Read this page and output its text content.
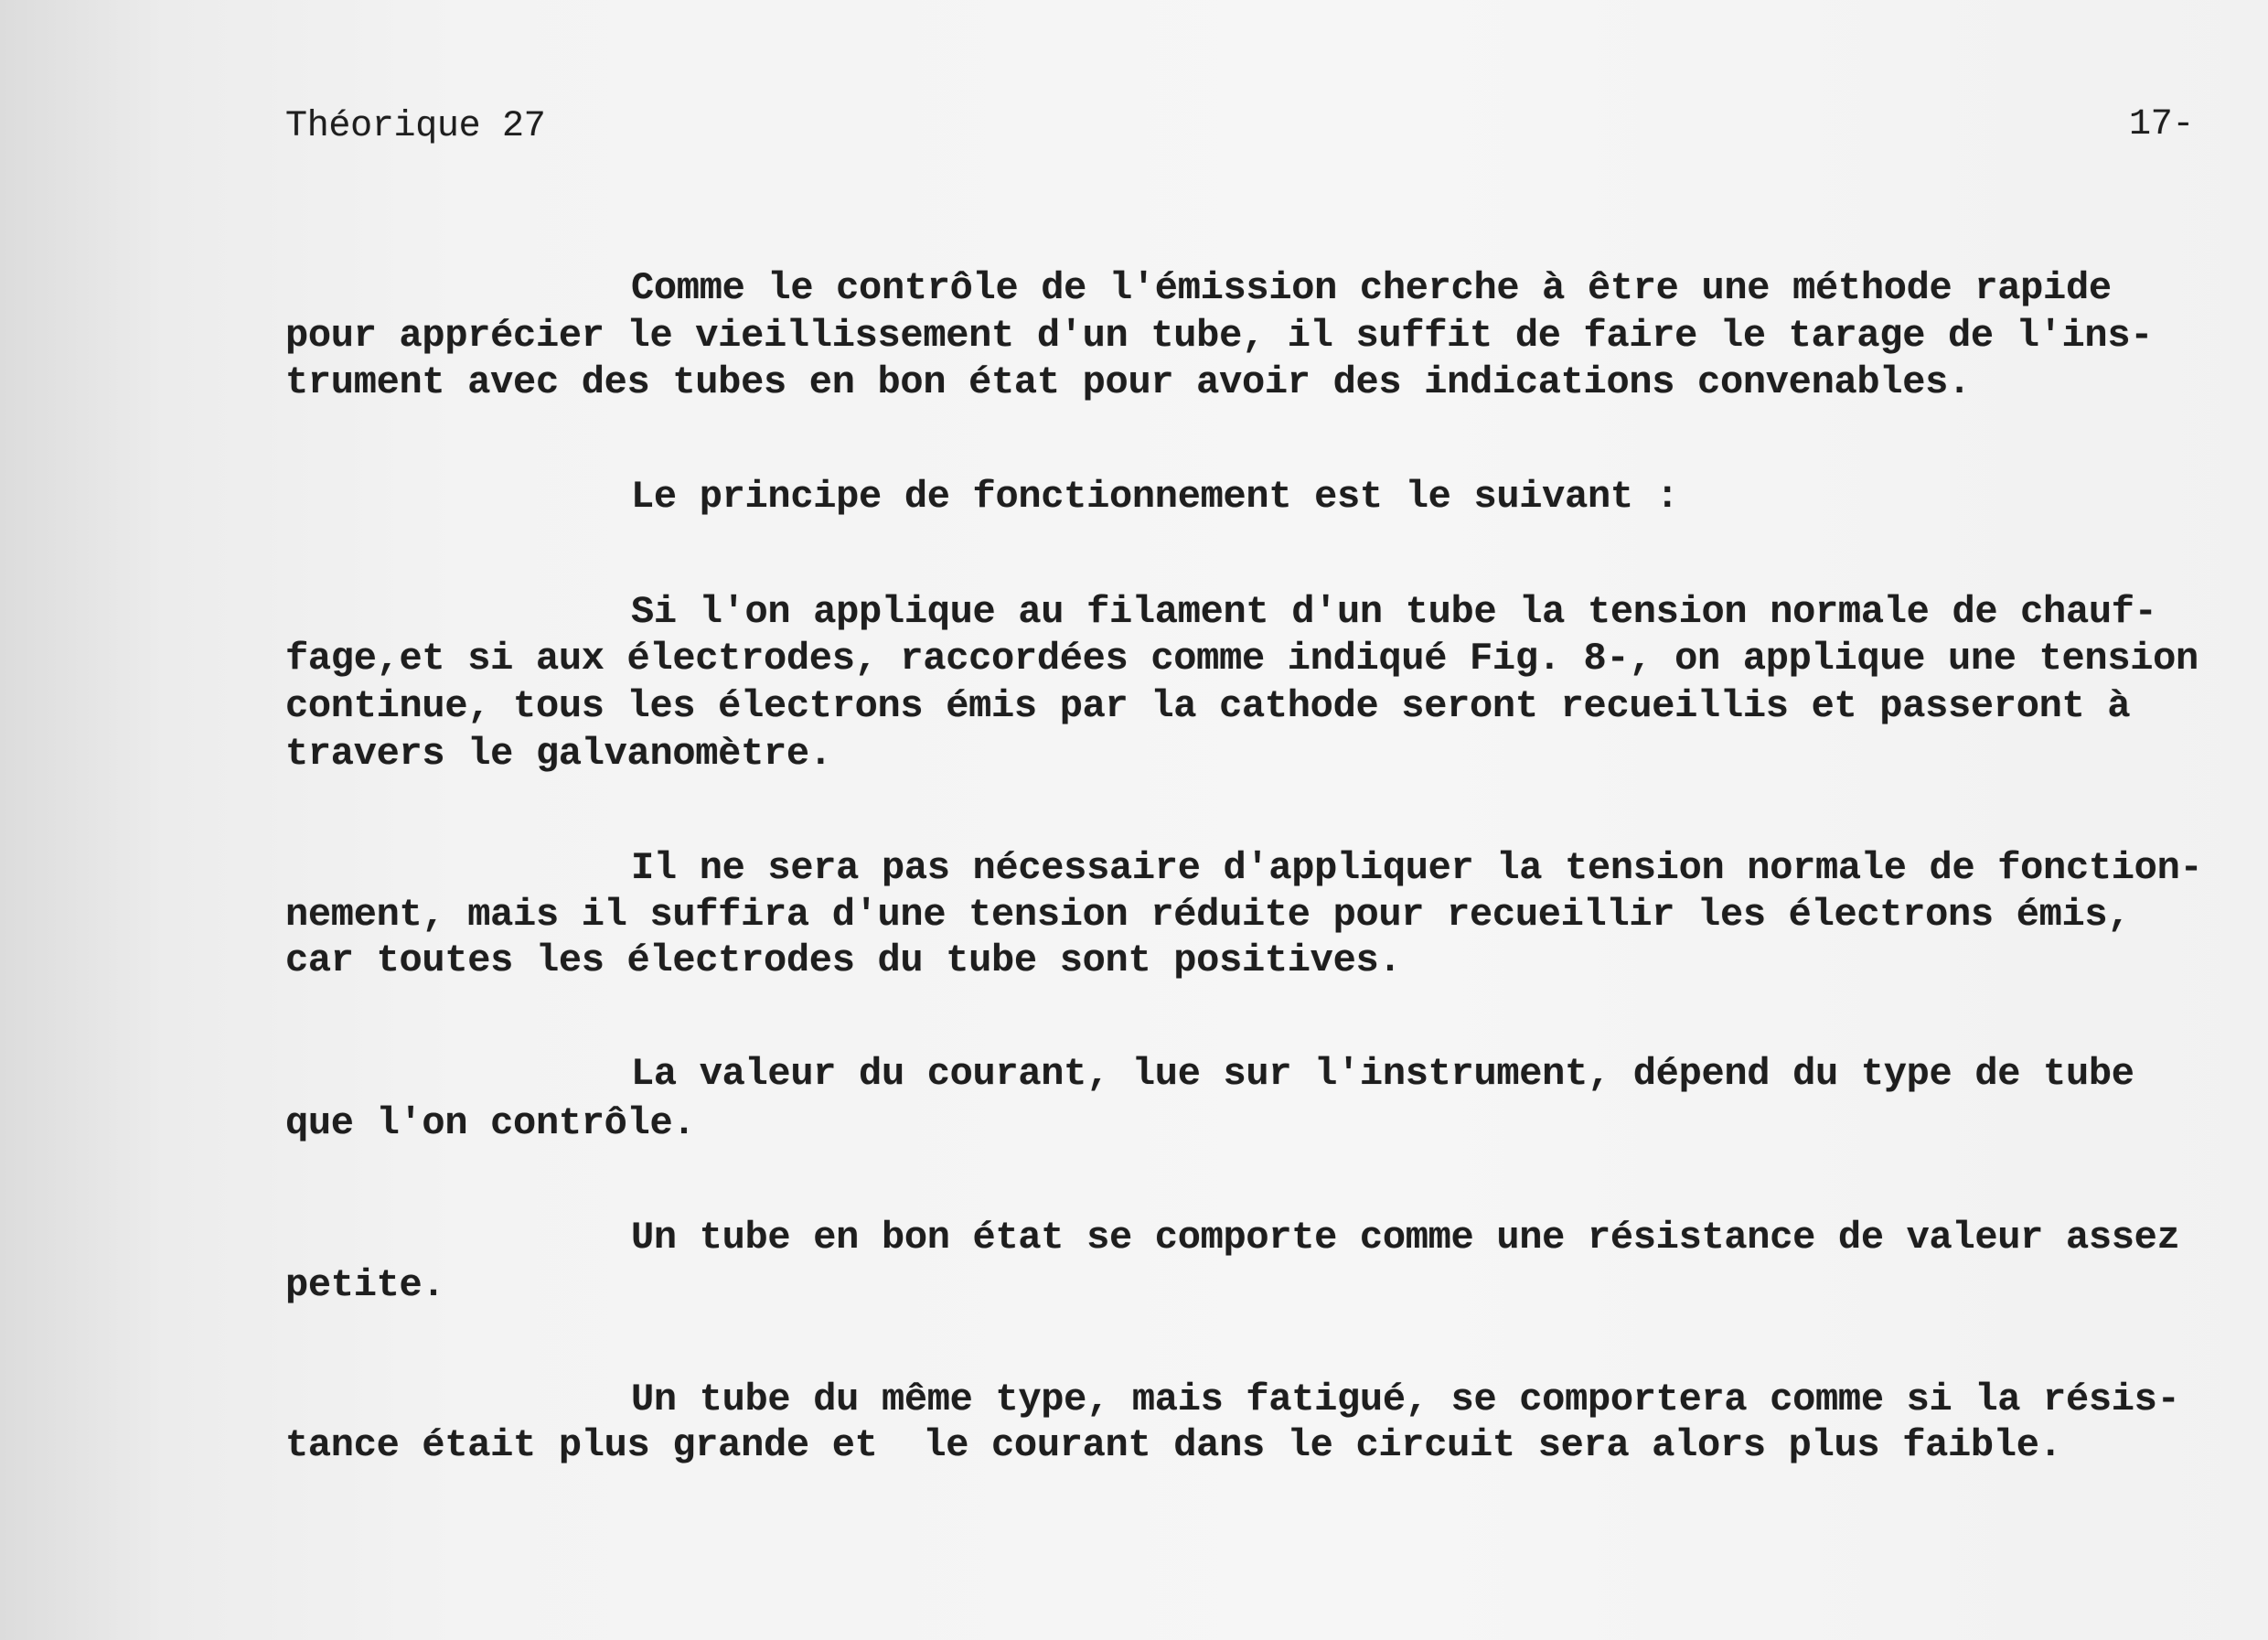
Théorique 27	17-
Comme le contrôle de l'émission cherche à être une méthode rapide
pour apprécier le vieillissement d'un tube, il suffit de faire le tarage de l'ins-
trument avec des tubes en bon état pour avoir des indications convenables.
Le principe de fonctionnement est le suivant :
Si l'on applique au filament d'un tube la tension normale de chauf-
fage,et si aux électrodes, raccordées comme indiqué Fig. 8-, on applique une tension
continue, tous les électrons émis par la cathode seront recueillis et passeront à
travers le galvanomètre.
Il ne sera pas nécessaire d'appliquer la tension normale de fonction-
nement, mais il suffira d'une tension réduite pour recueillir les électrons émis,
car toutes les électrodes du tube sont positives.
La valeur du courant, lue sur l'instrument, dépend du type de tube
que l'on contrôle.
Un tube en bon état se comporte comme une résistance de valeur assez
petite.
Un tube du même type, mais fatigué, se comportera comme si la résis-
tance était plus grande et  le courant dans le circuit sera alors plus faible.
